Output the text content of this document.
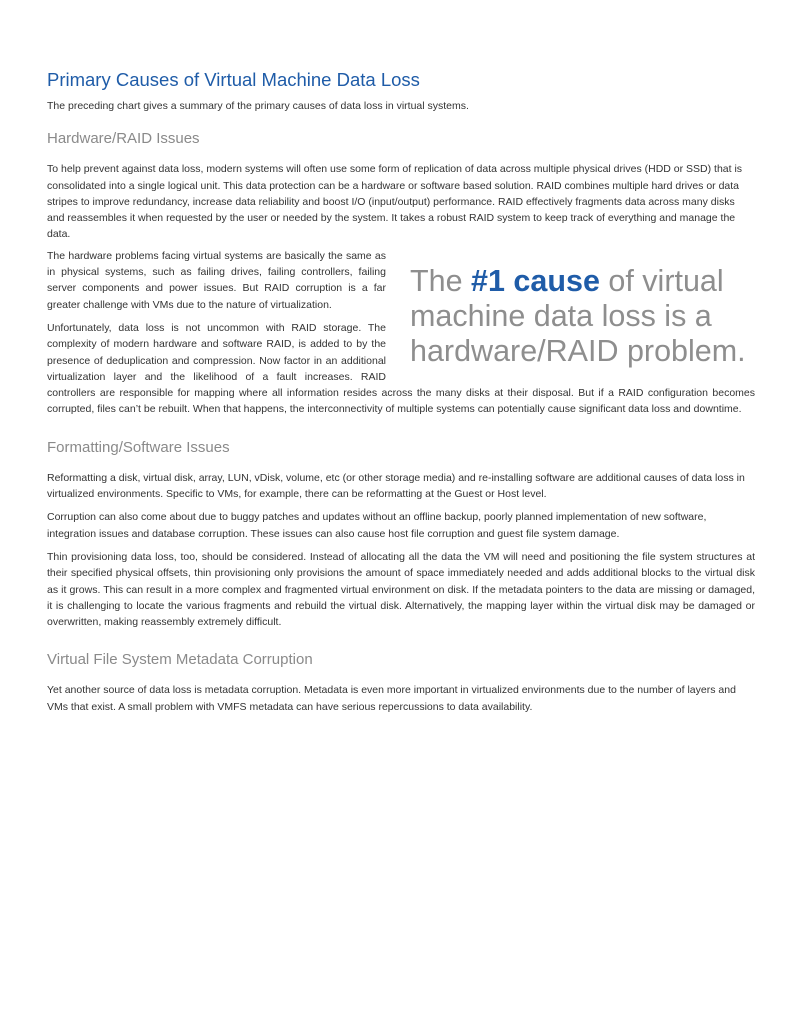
Primary Causes of Virtual Machine Data Loss

The preceding chart gives a summary of the primary causes of data loss in virtual systems.

Hardware/RAID Issues

To help prevent against data loss, modern systems will often use some form of replication of data across multiple physical drives (HDD or SSD) that is consolidated into a single logical unit. This data protection can be a hardware or software based solution. RAID combines multiple hard drives or data stripes to improve redundancy, increase data reliability and boost I/O (input/output) performance. RAID effectively fragments data across many disks and reassembles it when requested by the user or needed by the system. It takes a robust RAID system to keep track of everything and manage the data.

The #1 cause of virtual machine data loss is a hardware/RAID problem.

The hardware problems facing virtual systems are basically the same as in physical systems, such as failing drives, failing controllers, failing server components and power issues. But RAID corruption is a far greater challenge with VMs due to the nature of virtualization.

Unfortunately, data loss is not uncommon with RAID storage. The complexity of modern hardware and software RAID, is added to by the presence of deduplication and compression. Now factor in an additional virtualization layer and the likelihood of a fault increases. RAID controllers are responsible for mapping where all information resides across the many disks at their disposal. But if a RAID configuration becomes corrupted, files can’t be rebuilt. When that happens, the interconnectivity of multiple systems can potentially cause significant data loss and downtime.

Formatting/Software Issues

Reformatting a disk, virtual disk, array, LUN, vDisk, volume, etc (or other storage media) and re-installing software are additional causes of data loss in virtualized environments. Specific to VMs, for example, there can be reformatting at the Guest or Host level.

Corruption can also come about due to buggy patches and updates without an offline backup, poorly planned implementation of new software, integration issues and database corruption. These issues can also cause host file corruption and guest file system damage.

Thin provisioning data loss, too, should be considered. Instead of allocating all the data the VM will need and positioning the file system structures at their specified physical offsets, thin provisioning only provisions the amount of space immediately needed and adds additional blocks to the virtual disk as it grows. This can result in a more complex and fragmented virtual environment on disk. If the metadata pointers to the data are missing or damaged, it is challenging to locate the various fragments and rebuild the virtual disk. Alternatively, the mapping layer within the virtual disk may be damaged or overwritten, making reassembly extremely difficult.

Virtual File System Metadata Corruption

Yet another source of data loss is metadata corruption. Metadata is even more important in virtualized environments due to the number of layers and VMs that exist. A small problem with VMFS metadata can have serious repercussions to data availability.
